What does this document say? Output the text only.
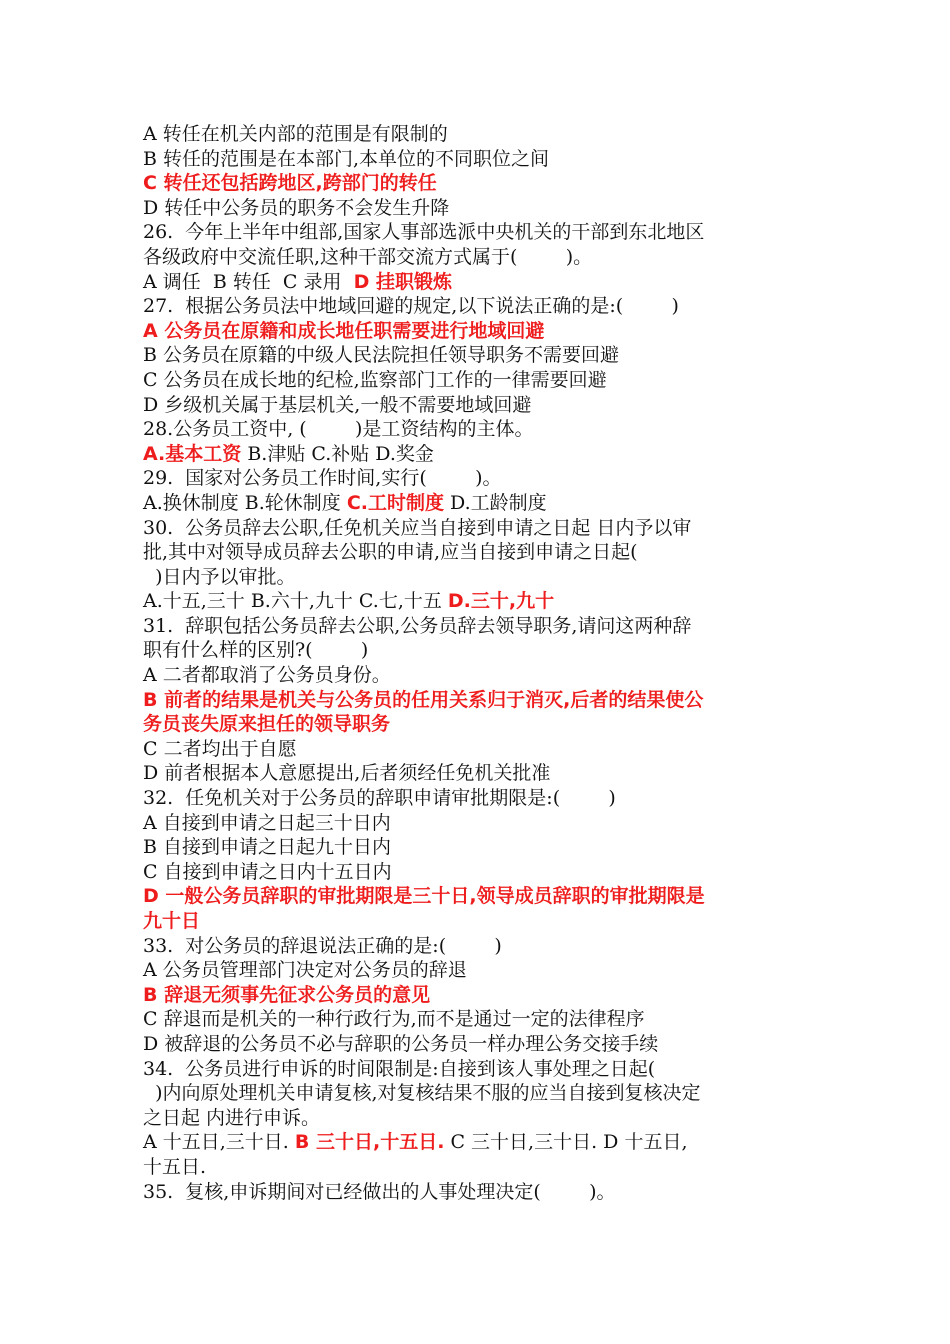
A 转任在机关内部的范围是有限制的
B 转任的范围是在本部门,本单位的不同职位之间
C 转任还包括跨地区,跨部门的转任
D 转任中公务员的职务不会发生升降
26.  今年上半年中组部,国家人事部选派中央机关的干部到东北地区
各级政府中交流任职,这种干部交流方式属于(        )。
A 调任  B 转任  C 录用  D 挂职锻炼
27.  根据公务员法中地域回避的规定,以下说法正确的是:(        )
A 公务员在原籍和成长地任职需要进行地域回避
B 公务员在原籍的中级人民法院担任领导职务不需要回避
C 公务员在成长地的纪检,监察部门工作的一律需要回避
D 乡级机关属于基层机关,一般不需要地域回避
28.公务员工资中, (        )是工资结构的主体。
A.基本工资 B.津贴 C.补贴 D.奖金
29.  国家对公务员工作时间,实行(        )。
A.换休制度 B.轮休制度 C.工时制度 D.工龄制度
30.  公务员辞去公职,任免机关应当自接到申请之日起 日内予以审
批,其中对领导成员辞去公职的申请,应当自接到申请之日起(
)日内予以审批。
A.十五,三十 B.六十,九十 C.七,十五 D.三十,九十
31.  辞职包括公务员辞去公职,公务员辞去领导职务,请问这两种辞
职有什么样的区别?(        )
A 二者都取消了公务员身份。
B 前者的结果是机关与公务员的任用关系归于消灭,后者的结果使公
务员丧失原来担任的领导职务
C 二者均出于自愿
D 前者根据本人意愿提出,后者须经任免机关批准
32.  任免机关对于公务员的辞职申请审批期限是:(        )
A 自接到申请之日起三十日内
B 自接到申请之日起九十日内
C 自接到申请之日内十五日内
D 一般公务员辞职的审批期限是三十日,领导成员辞职的审批期限是
九十日
33.  对公务员的辞退说法正确的是:(        )
A 公务员管理部门决定对公务员的辞退
B 辞退无须事先征求公务员的意见
C 辞退而是机关的一种行政行为,而不是通过一定的法律程序
D 被辞退的公务员不必与辞职的公务员一样办理公务交接手续
34.  公务员进行申诉的时间限制是:自接到该人事处理之日起(
)内向原处理机关申请复核,对复核结果不服的应当自接到复核决定
之日起 内进行申诉。
A 十五日,三十日. B 三十日,十五日. C 三十日,三十日. D 十五日,
十五日.
35.  复核,申诉期间对已经做出的人事处理决定(        )。
